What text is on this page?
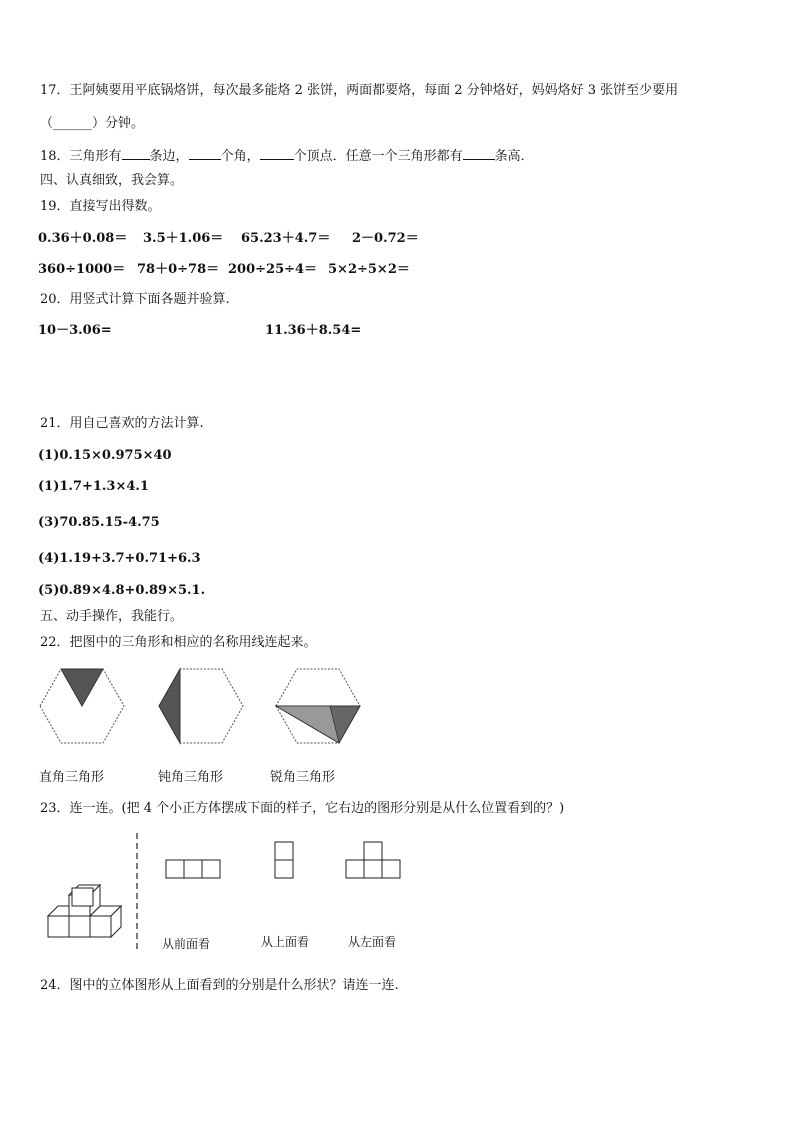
17．王阿姨要用平底锅烙饼，每次最多能烙 2 张饼，两面都要烙，每面 2 分钟烙好，妈妈烙好 3 张饼至少要用
（______）分钟。
18．三角形有 条边， 个角，	个顶点．任意一个三角形都有 条高．
四、认真细致，我会算。
19．直接写出得数。
0.36＋0.08＝ 3.5＋1.06＝ 65.23＋4.7＝ 2－0.72＝
360÷1000＝ 78＋0÷78＝ 200÷25÷4＝ 5×2÷5×2＝
20．用竖式计算下面各题并验算.
10－3.06=	11.36＋8.54=
21．用自己喜欢的方法计算.
(1)0.15×0.975×40
(1)1.7+1.3×4.1
(3)70.85.15-4.75
(4)1.19+3.7+0.71+6.3
(5)0.89×4.8+0.89×5.1.
五、动手操作，我能行。
22．把图中的三角形和相应的名称用线连起来。
直角三角形	钝角三角形	锐角三角形
23．连一连。(把 4 个小正方体摆成下面的样子，它右边的图形分别是从什么位置看到的？)
从前面看	从上面看	从左面看
24．图中的立体图形从上面看到的分别是什么形状？请连一连.
